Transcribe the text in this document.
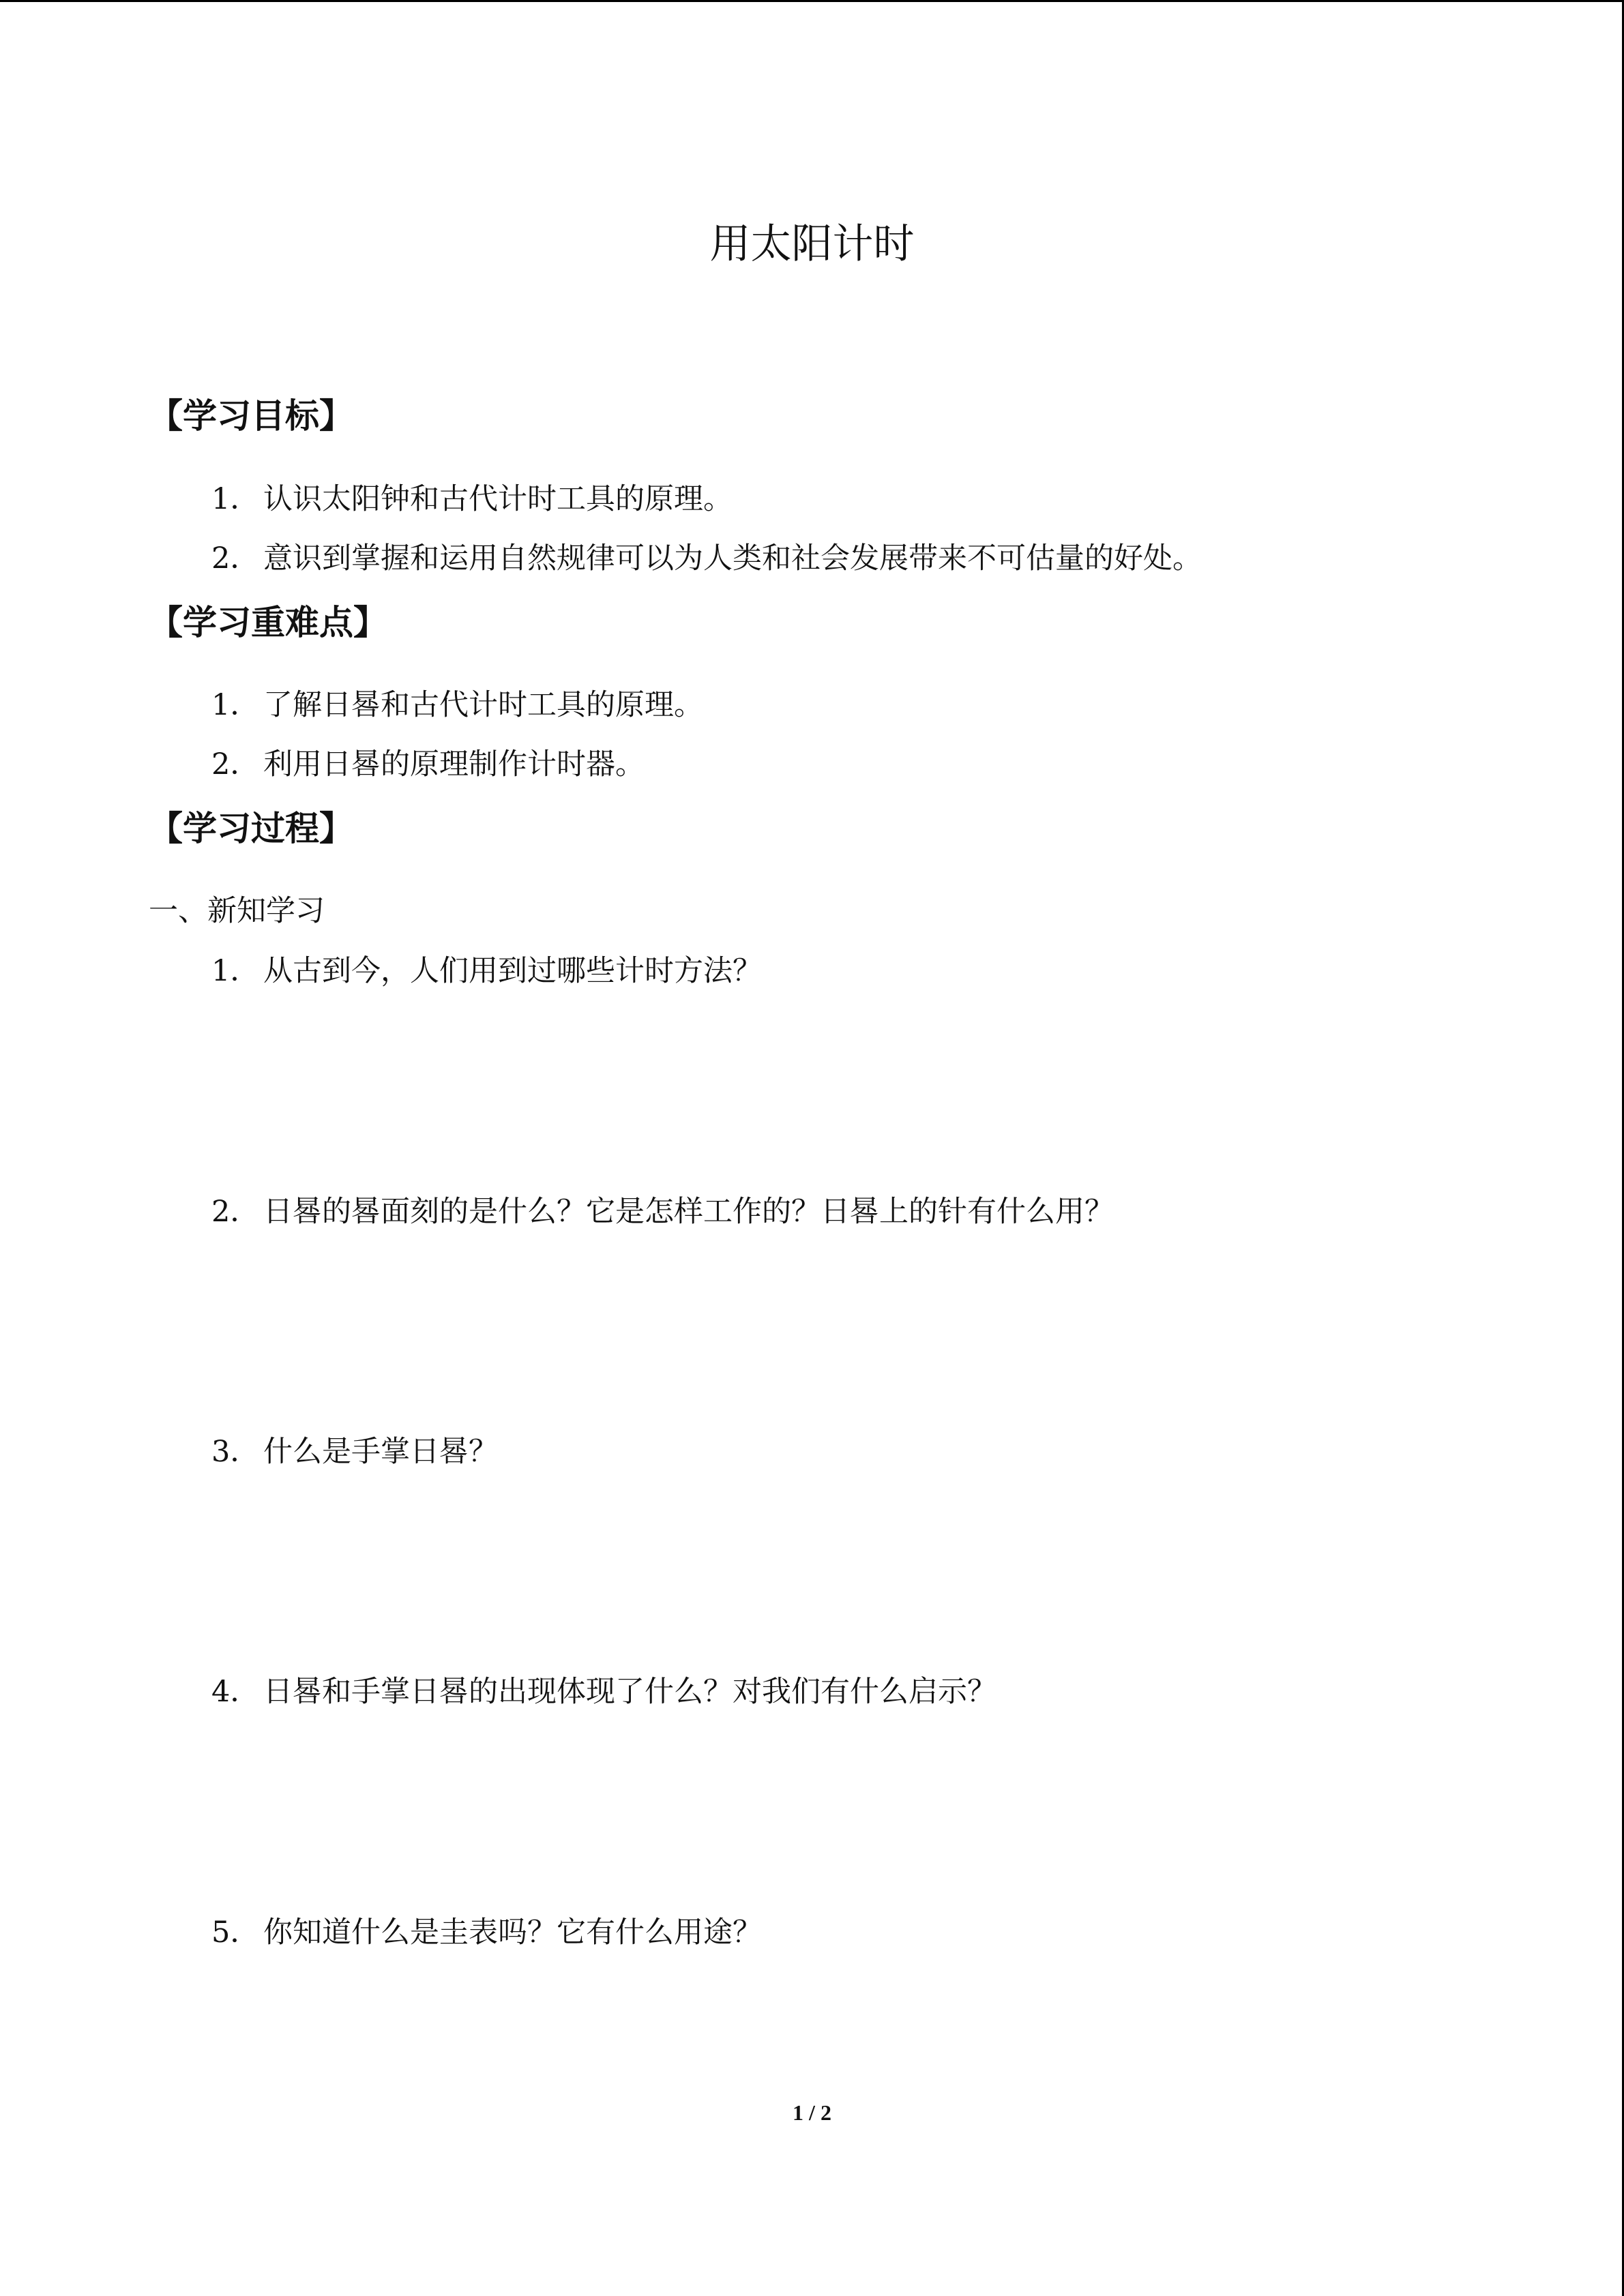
用太阳计时
【学习目标】

1． 认识太阳钟和古代计时工具的原理。

2． 意识到掌握和运用自然规律可以为人类和社会发展带来不可估量的好处。

【学习重难点】

1． 了解日晷和古代计时工具的原理。

2． 利用日晷的原理制作计时器。

【学习过程】

一、新知学习

1． 从古到今，人们用到过哪些计时方法？

2． 日晷的晷面刻的是什么？它是怎样工作的？日晷上的针有什么用？

3． 什么是手掌日晷？

4． 日晷和手掌日晷的出现体现了什么？对我们有什么启示？

5． 你知道什么是圭表吗？它有什么用途？

1 / 2
